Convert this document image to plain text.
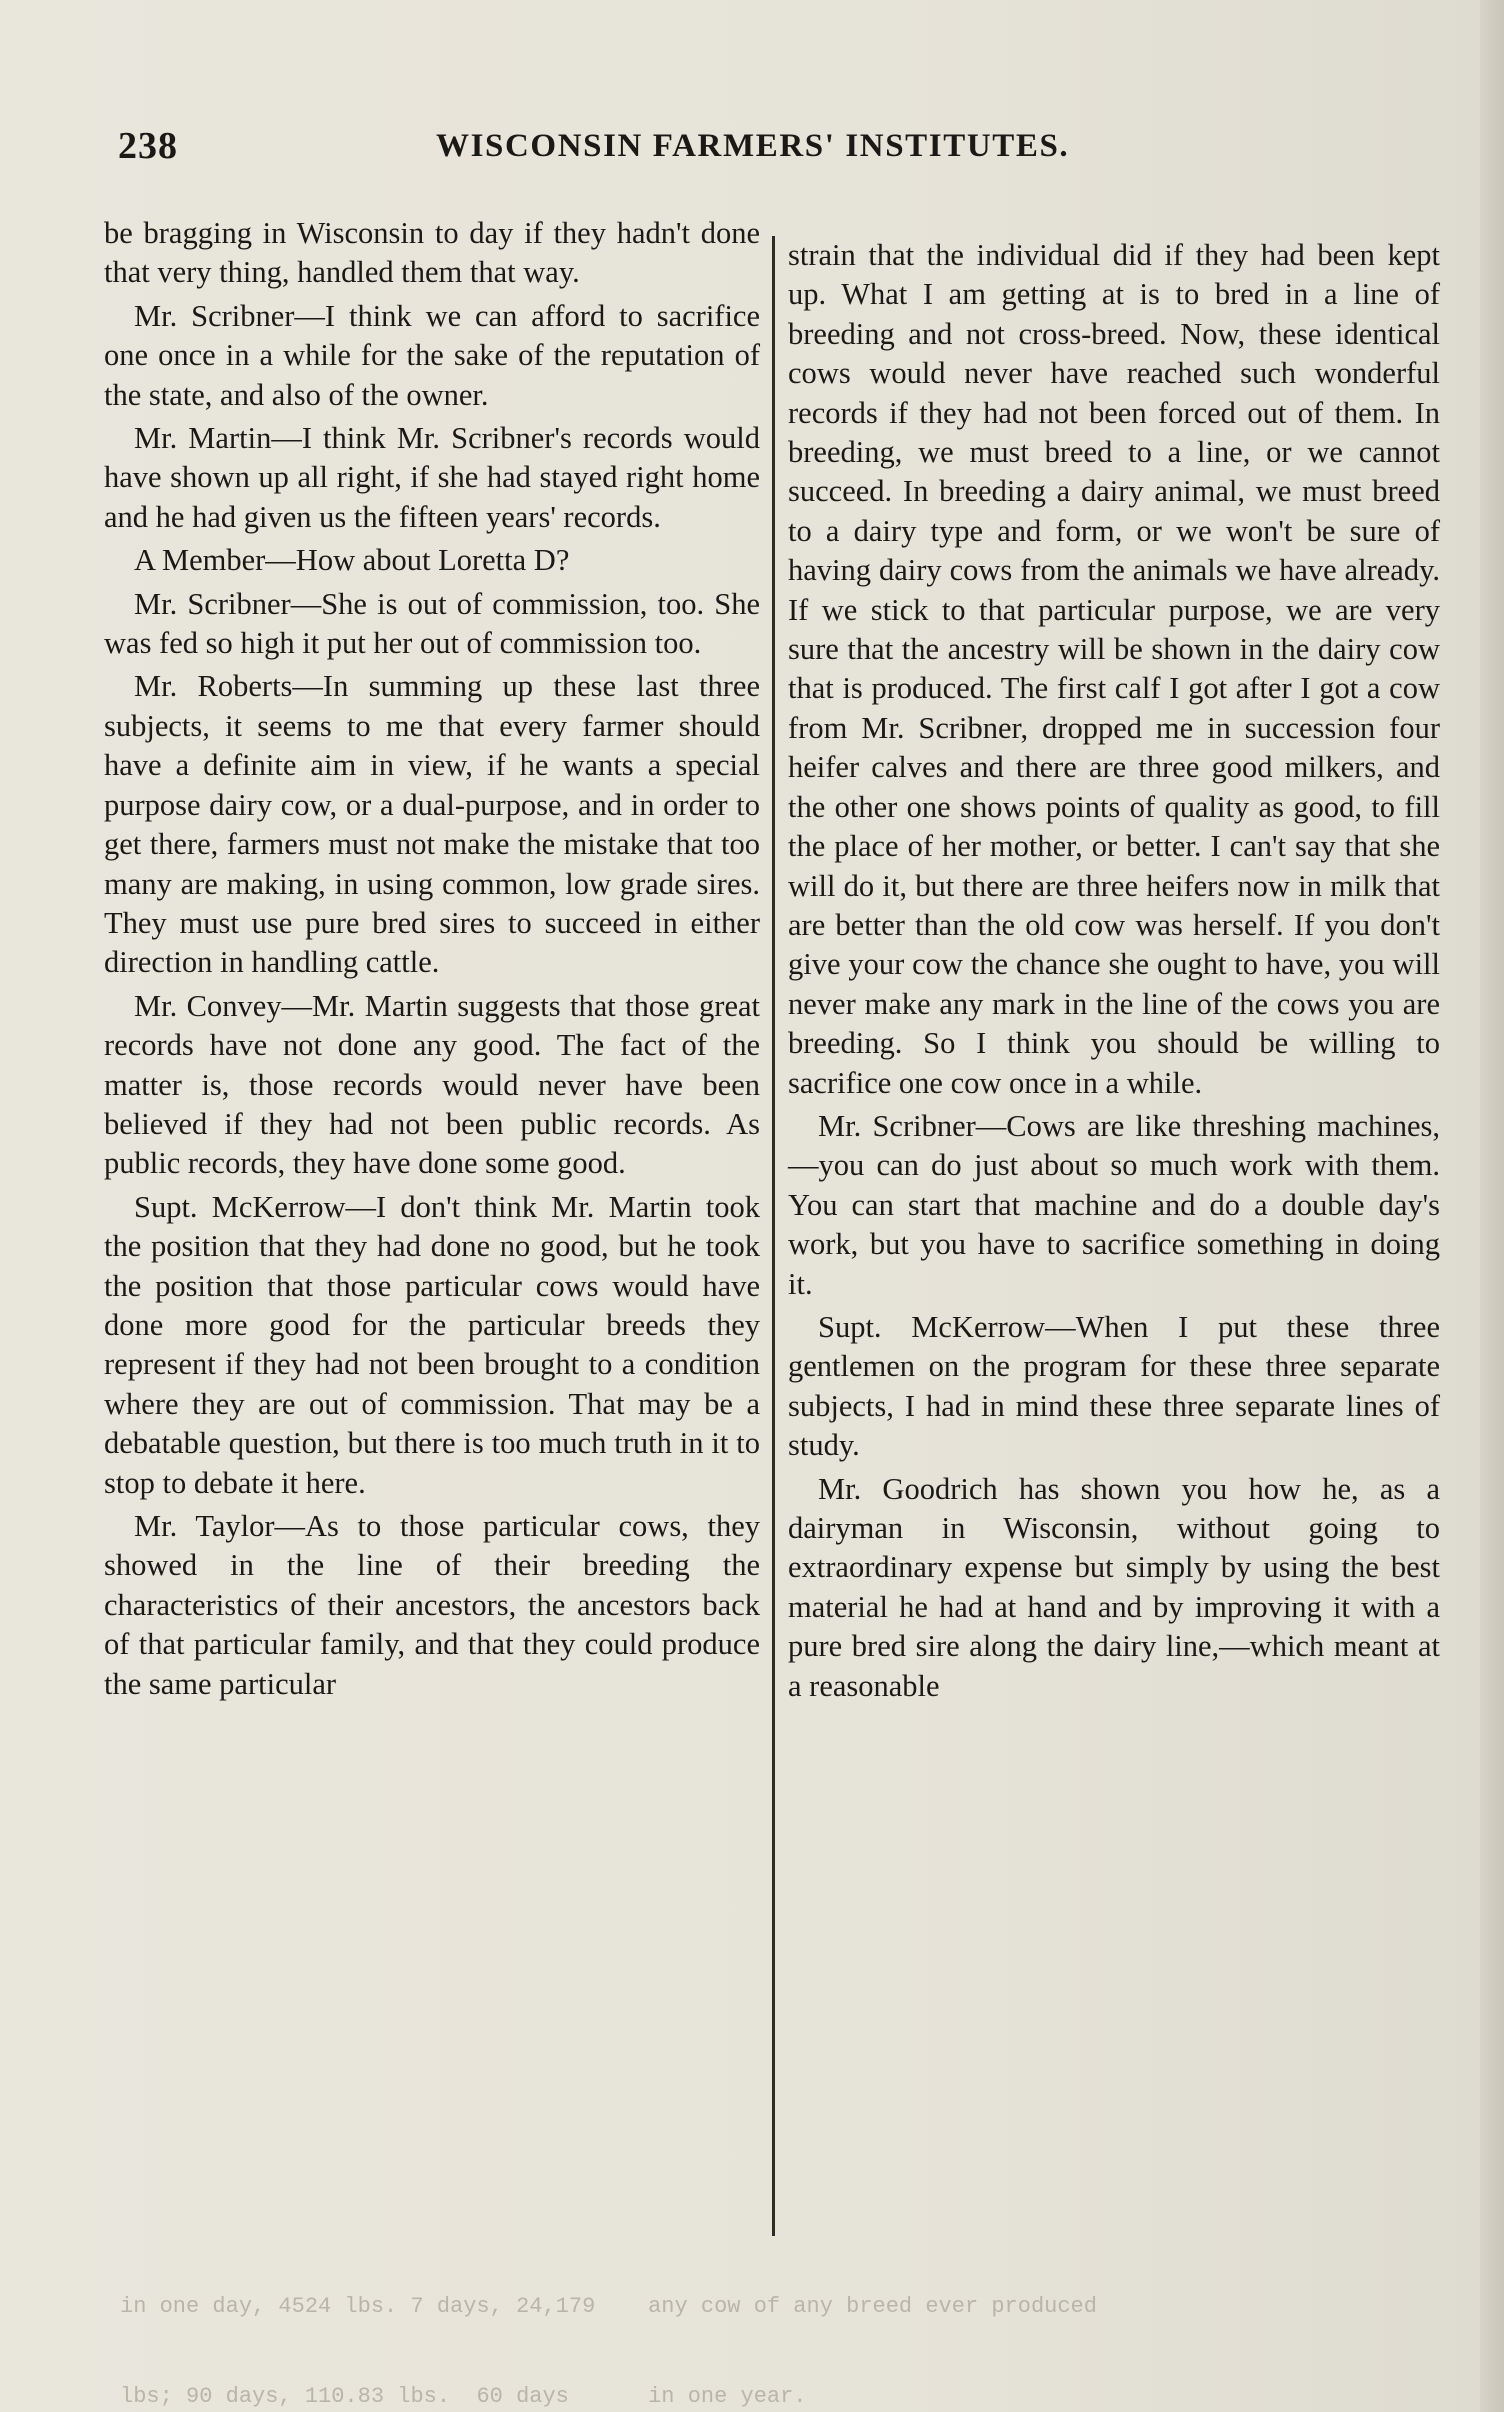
238	WISCONSIN FARMERS' INSTITUTES.

be bragging in Wisconsin to day if they hadn't done that very thing, handled them that way.

Mr. Scribner—I think we can afford to sacrifice one once in a while for the sake of the reputation of the state, and also of the owner.

Mr. Martin—I think Mr. Scribner's records would have shown up all right, if she had stayed right home and he had given us the fifteen years' records.

A Member—How about Loretta D?

Mr. Scribner—She is out of commission, too. She was fed so high it put her out of commission too.

Mr. Roberts—In summing up these last three subjects, it seems to me that every farmer should have a definite aim in view, if he wants a special purpose dairy cow, or a dual-purpose, and in order to get there, farmers must not make the mistake that too many are making, in using common, low grade sires. They must use pure bred sires to succeed in either direction in handling cattle.

Mr. Convey—Mr. Martin suggests that those great records have not done any good. The fact of the matter is, those records would never have been believed if they had not been public records. As public records, they have done some good.

Supt. McKerrow—I don't think Mr. Martin took the position that they had done no good, but he took the position that those particular cows would have done more good for the particular breeds they represent if they had not been brought to a condition where they are out of commission. That may be a debatable question, but there is too much truth in it to stop to debate it here.

Mr. Taylor—As to those particular cows, they showed in the line of their breeding the characteristics of their ancestors, the ancestors back of that particular family, and that they could produce the same particular

strain that the individual did if they had been kept up. What I am getting at is to bred in a line of breeding and not cross-breed. Now, these identical cows would never have reached such wonderful records if they had not been forced out of them. In breeding, we must breed to a line, or we cannot succeed. In breeding a dairy animal, we must breed to a dairy type and form, or we won't be sure of having dairy cows from the animals we have already. If we stick to that particular purpose, we are very sure that the ancestry will be shown in the dairy cow that is produced. The first calf I got after I got a cow from Mr. Scribner, dropped me in succession four heifer calves and there are three good milkers, and the other one shows points of quality as good, to fill the place of her mother, or better. I can't say that she will do it, but there are three heifers now in milk that are better than the old cow was herself. If you don't give your cow the chance she ought to have, you will never make any mark in the line of the cows you are breeding. So I think you should be willing to sacrifice one cow once in a while.

Mr. Scribner—Cows are like threshing machines,—you can do just about so much work with them. You can start that machine and do a double day's work, but you have to sacrifice something in doing it.

Supt. McKerrow—When I put these three gentlemen on the program for these three separate subjects, I had in mind these three separate lines of study.

Mr. Goodrich has shown you how he, as a dairyman in Wisconsin, without going to extraordinary expense but simply by using the best material he had at hand and by improving it with a pure bred sire along the dairy line,—which meant at a reasonable

in one day, 4524 lbs. 7 days, 24,179    any cow of any breed ever produced

lbs; 90 days, 110.83 lbs.  60 days      in one year.
